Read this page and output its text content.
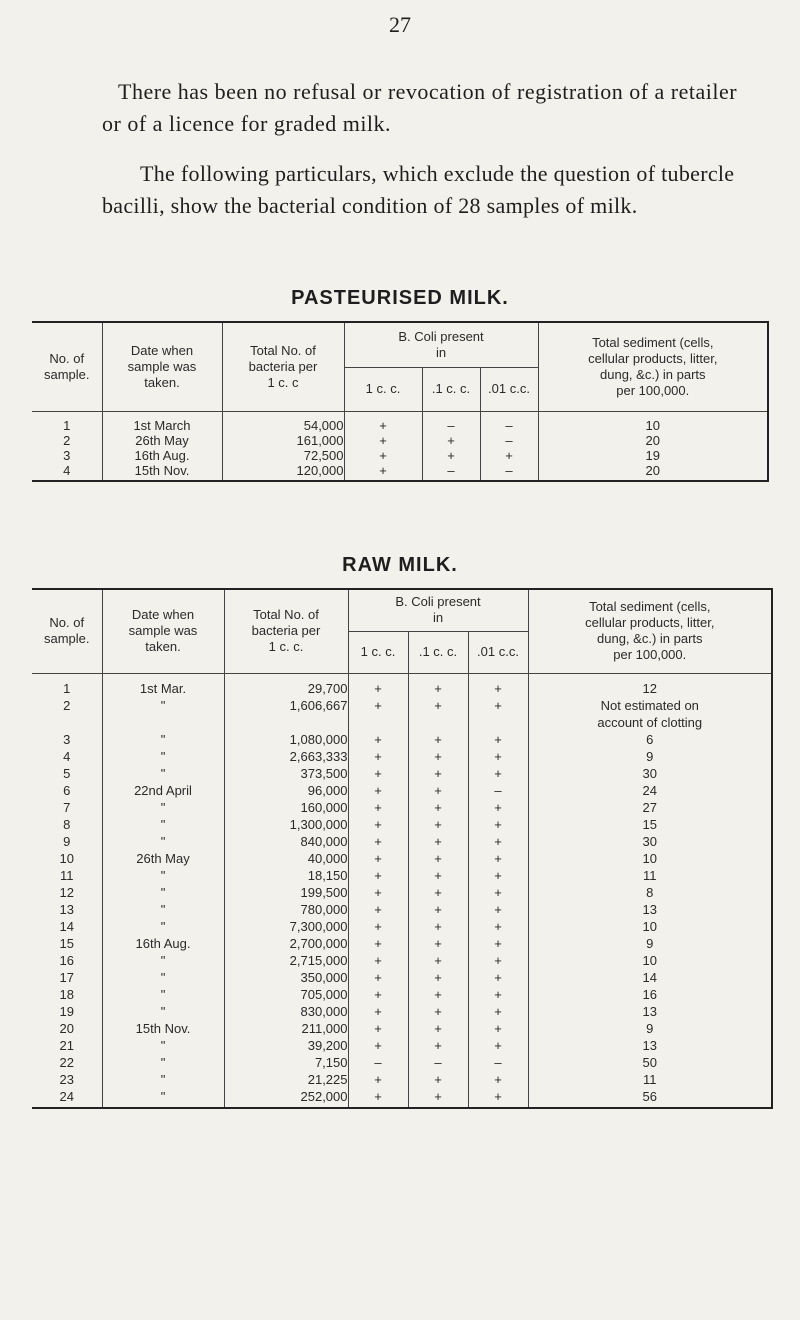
27
There has been no refusal or revocation of registration of a retailer or of a licence for graded milk.
The following particulars, which exclude the question of tubercle bacilli, show the bacterial condition of 28 samples of milk.
PASTEURISED MILK.
No. of
sample.	Date when
sample was
taken.	Total No. of
bacteria per
1 c. c	B. Coli present
in			Total sediment (cells,
cellular products, litter,
dung, &c.) in parts
per 100,000.
			1 c. c.	.1 c. c.	.01 c.c.	
1	1st March	54,000	+	–	–	10
2	26th May	161,000	+	+	–	20
3	16th Aug.	72,500	+	+	+	19
4	15th Nov.	120,000	+	–	–	20
RAW MILK.
No. of
sample.	Date when
sample was
taken.	Total No. of
bacteria per
1 c. c.	B. Coli present
in			Total sediment (cells,
cellular products, litter,
dung, &c.) in parts
per 100,000.
			1 c. c.	.1 c. c.	.01 c.c.	
1	1st Mar.	29,700	+	+	+	12
2	"	1,606,667	+	+	+	Not estimated on
account of clotting
3	"	1,080,000	+	+	+	6
4	"	2,663,333	+	+	+	9
5	"	373,500	+	+	+	30
6	22nd April	96,000	+	+	–	24
7	"	160,000	+	+	+	27
8	"	1,300,000	+	+	+	15
9	"	840,000	+	+	+	30
10	26th May	40,000	+	+	+	10
11	"	18,150	+	+	+	11
12	"	199,500	+	+	+	8
13	"	780,000	+	+	+	13
14	"	7,300,000	+	+	+	10
15	16th Aug.	2,700,000	+	+	+	9
16	"	2,715,000	+	+	+	10
17	"	350,000	+	+	+	14
18	"	705,000	+	+	+	16
19	"	830,000	+	+	+	13
20	15th Nov.	211,000	+	+	+	9
21	"	39,200	+	+	+	13
22	"	7,150	–	–	–	50
23	"	21,225	+	+	+	11
24	"	252,000	+	+	+	56
